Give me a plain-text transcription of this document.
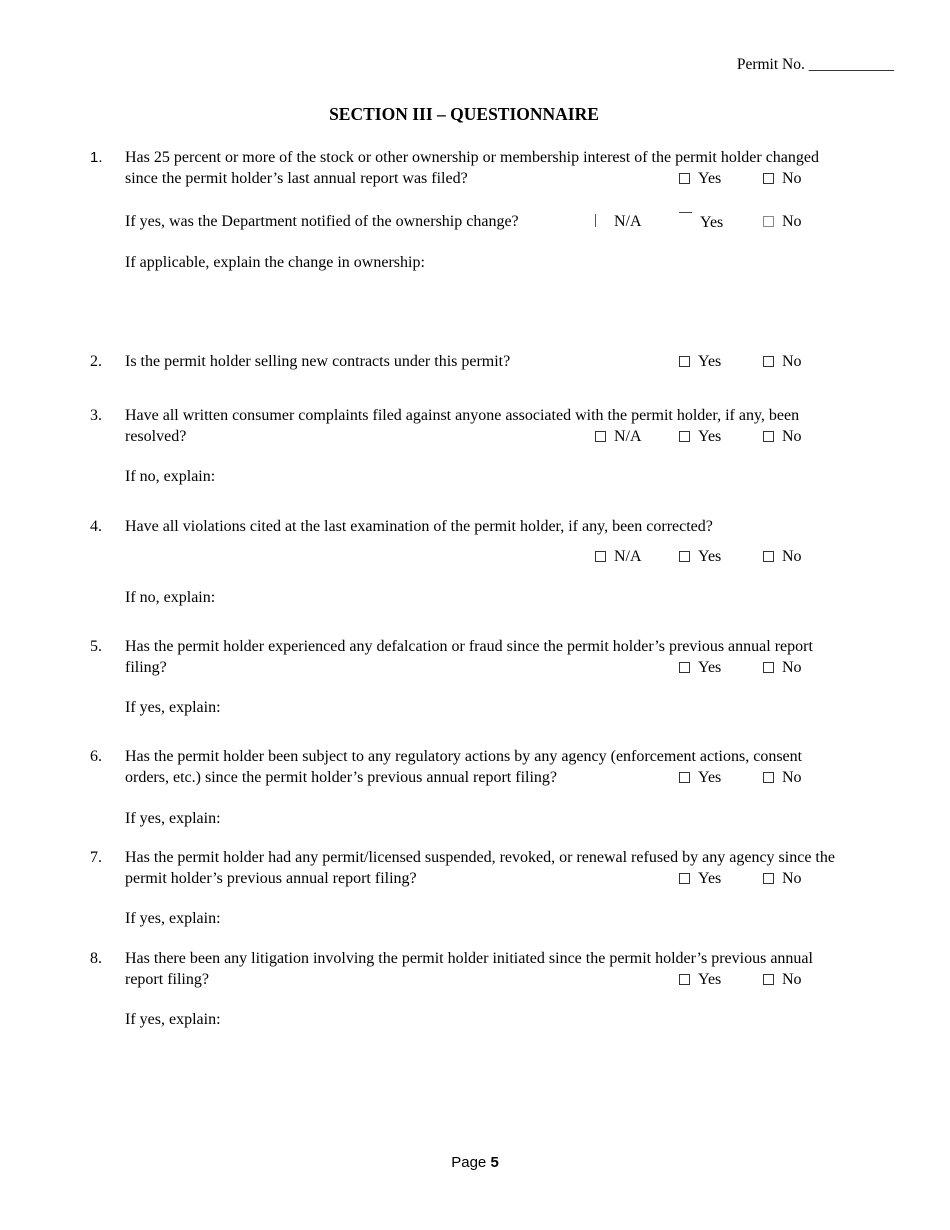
Permit No. ___________
SECTION III – QUESTIONNAIRE
1. Has 25 percent or more of the stock or other ownership or membership interest of the permit holder changed
since the permit holder’s last annual report was filed?	Yes	No
If yes, was the Department notified of the ownership change?	N/A	Yes	No
If applicable, explain the change in ownership:
2. Is the permit holder selling new contracts under this permit?	Yes	No
3. Have all written consumer complaints filed against anyone associated with the permit holder, if any, been
resolved?	N/A	Yes	No
If no, explain:
4. Have all violations cited at the last examination of the permit holder, if any, been corrected?
N/A	Yes	No
If no, explain:
5. Has the permit holder experienced any defalcation or fraud since the permit holder’s previous annual report
filing?	Yes	No
If yes, explain:
6. Has the permit holder been subject to any regulatory actions by any agency (enforcement actions, consent
orders, etc.) since the permit holder’s previous annual report filing?	Yes	No
If yes, explain:
7. Has the permit holder had any permit/licensed suspended, revoked, or renewal refused by any agency since the
permit holder’s previous annual report filing?	Yes	No
If yes, explain:
8. Has there been any litigation involving the permit holder initiated since the permit holder’s previous annual
report filing?	Yes	No
If yes, explain:
Page 5
